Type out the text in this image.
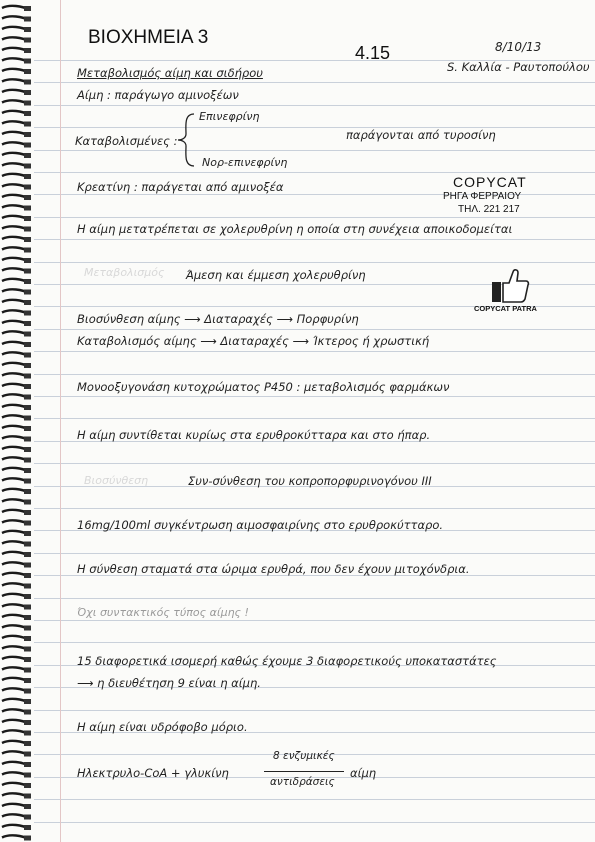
ΒΙΟΧΗΜΕΙΑ 3
4.15	8/10/13
S. Καλλία - Ραυτοπούλου
Μεταβολισμός αίμη και σιδήρου
Αίμη : παράγωγο αμινοξέων
Καταβολισμένες :
Επινεφρίνη
Νορ-επινεφρίνη
παράγονται από τυροσίνη
Κρεατίνη : παράγεται από αμινοξέα	COPYCAT
ΡΗΓΑ ΦΕΡΡΑΙΟΥ
ΤΗΛ. 221 217
Η αίμη μετατρέπεται σε χολερυθρίνη η οποία στη συνέχεια αποικοδομείται
Μεταβολισμός Άμεση και έμμεση χολερυθρίνη
COPYCAT PATRA
Βιοσύνθεση αίμης ⟶ Διαταραχές ⟶ Πορφυρίνη
Καταβολισμός αίμης ⟶ Διαταραχές ⟶ Ίκτερος ή χρωστική
Μονοοξυγονάση κυτοχρώματος P450 : μεταβολισμός φαρμάκων
Η αίμη συντίθεται κυρίως στα ερυθροκύτταρα και στο ήπαρ.
Βιοσύνθεση	Συν-σύνθεση του κοπροπορφυρινογόνου III
16mg/100ml συγκέντρωση αιμοσφαιρίνης στο ερυθροκύτταρο.
Η σύνθεση σταματά στα ώριμα ερυθρά, που δεν έχουν μιτοχόνδρια.
Όχι συντακτικός τύπος αίμης !
15 διαφορετικά ισομερή καθώς έχουμε 3 διαφορετικούς υποκαταστάτες
⟶ η διευθέτηση 9 είναι η αίμη.
Η αίμη είναι υδρόφοβο μόριο.
Ηλεκτρυλο-CoA + γλυκίνη
8 ενζυμικές
αντιδράσεις
αίμη
